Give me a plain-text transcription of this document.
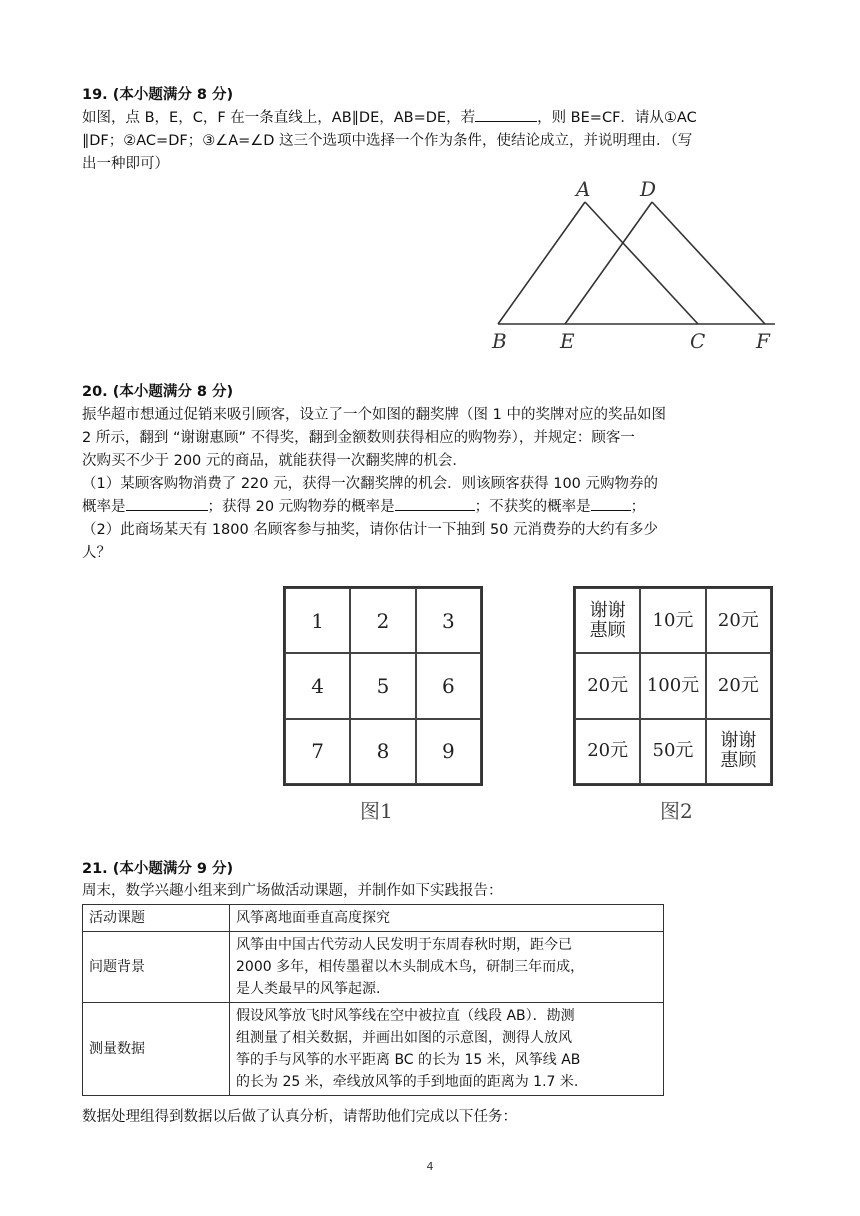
19. (本小题满分 8 分)

如图，点 B，E，C，F 在一条直线上，AB∥DE，AB=DE，若	，则 BE=CF．请从①AC

∥DF；②AC=DF；③∠A=∠D 这三个选项中选择一个作为条件，使结论成立，并说明理由．（写

出一种即可）

A D
B	E	C	F

20. (本小题满分 8 分)

振华超市想通过促销来吸引顾客，设立了一个如图的翻奖牌（图 1 中的奖牌对应的奖品如图

2 所示，翻到 “谢谢惠顾” 不得奖，翻到金额数则获得相应的购物券），并规定：顾客一

次购买不少于 200 元的商品，就能获得一次翻奖牌的机会．

（1）某顾客购物消费了 220 元，获得一次翻奖牌的机会．则该顾客获得 100 元购物券的

概率是	；获得 20 元购物券的概率是	；不获奖的概率是	；

（2）此商场某天有 1800 名顾客参与抽奖，请你估计一下抽到 50 元消费券的大约有多少

人？

1	2	3
4	5	6
7	8	9
图1
谢谢
惠顾	10元	20元
20元	100元	20元
20元	50元	谢谢
惠顾
图2

21. (本小题满分 9 分)

周末，数学兴趣小组来到广场做活动课题，并制作如下实践报告：

活动课题	风筝离地面垂直高度探究

问题背景	风筝由中国古代劳动人民发明于东周春秋时期，距今已
2000 多年，相传墨翟以木头制成木鸟，研制三年而成，
是人类最早的风筝起源.

测量数据	假设风筝放飞时风筝线在空中被拉直（线段 AB）．勘测
组测量了相关数据，并画出如图的示意图，测得人放风
筝的手与风筝的水平距离 BC 的长为 15 米，风筝线 AB
的长为 25 米，牵线放风筝的手到地面的距离为 1.7 米.

数据处理组得到数据以后做了认真分析，请帮助他们完成以下任务：

4
